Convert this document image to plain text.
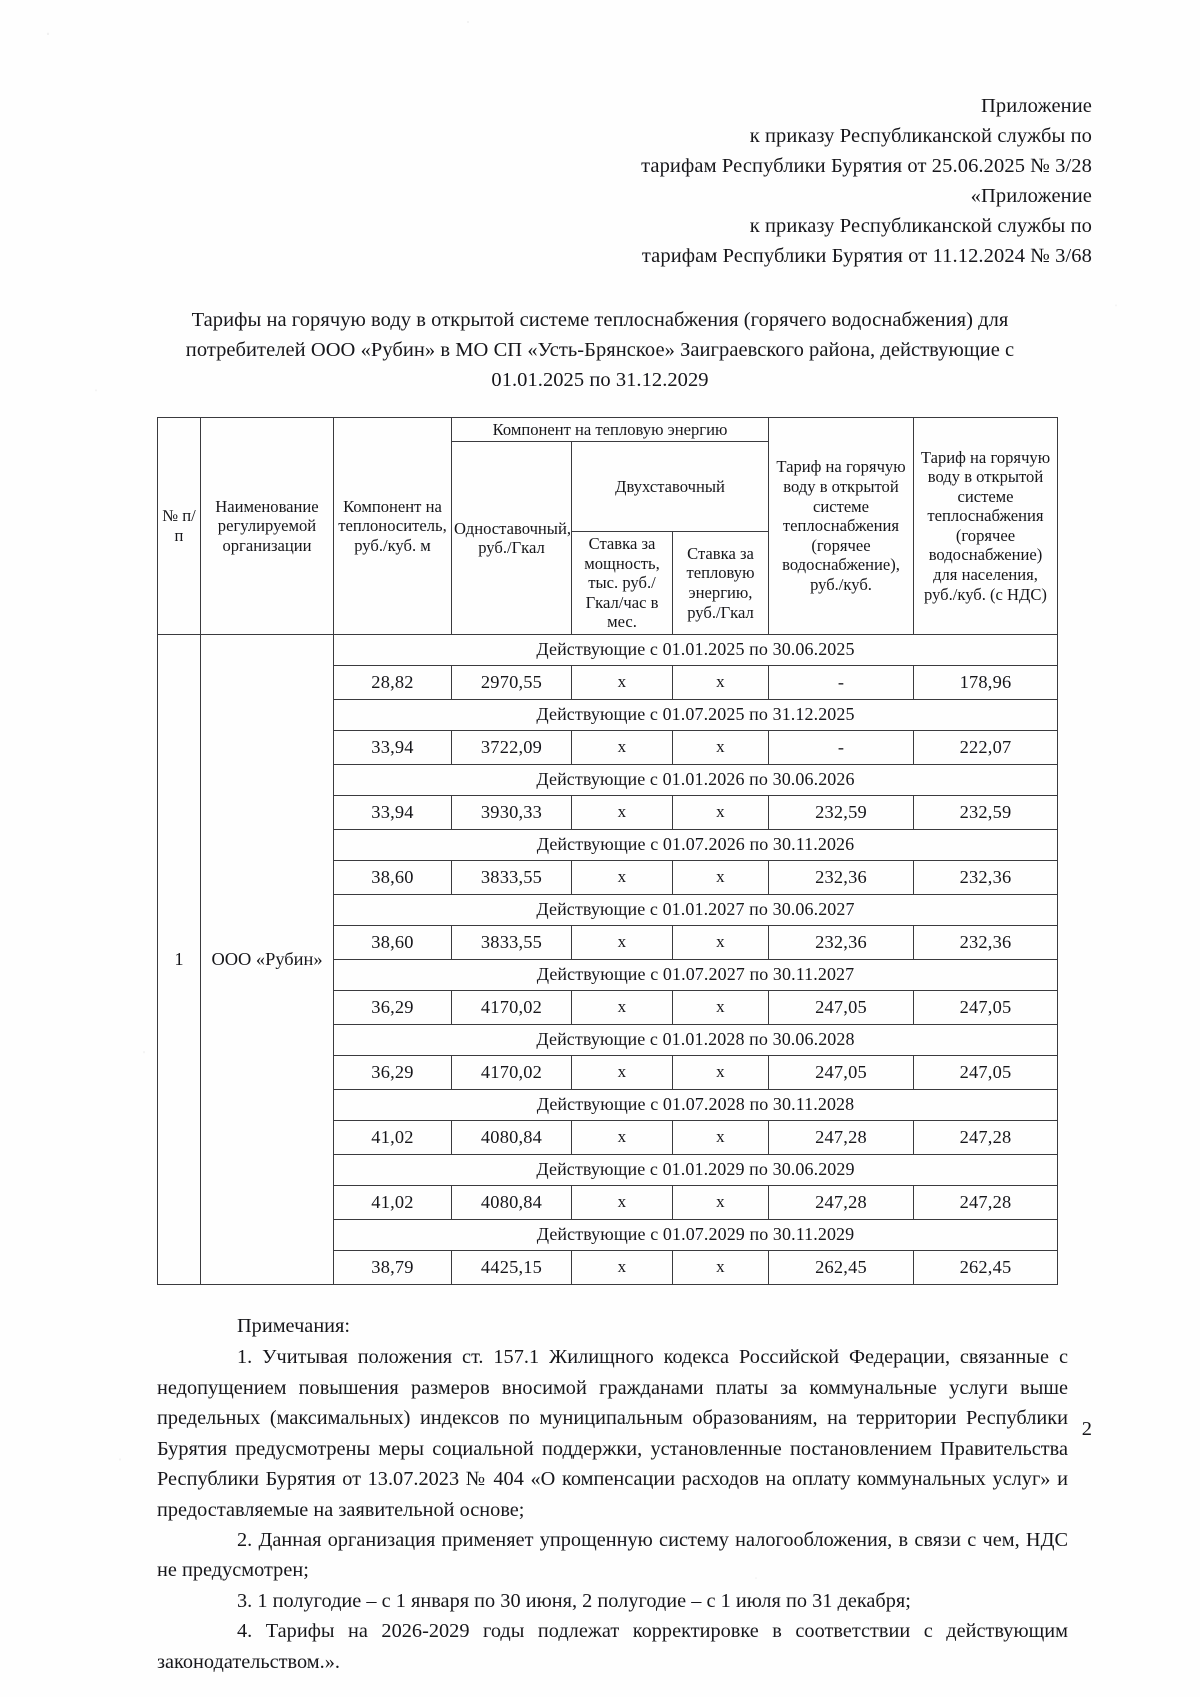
Приложение
к приказу Республиканской службы по
тарифам Республики Бурятия от 25.06.2025 № 3/28
«Приложение
к приказу Республиканской службы по
тарифам Республики Бурятия от 11.12.2024 № 3/68
Тарифы на горячую воду в открытой системе теплоснабжения (горячего водоснабжения) для потребителей ООО «Рубин» в МО СП «Усть-Брянское» Заиграевского района, действующие с 01.01.2025 по 31.12.2029
№ п/п	Наименование регулируемой организации	Компонент на теплоноситель, руб./куб. м	Компонент на тепловую энергию			Тариф на горячую воду в открытой системе теплоснабжения (горячее водоснабжение), руб./куб.	Тариф на горячую воду в открытой системе теплоснабжения (горячее водоснабжение) для населения, руб./куб. (с НДС)
			Одноставочный, руб./Гкал	Двухставочный			
				Ставка за мощность, тыс. руб./Гкал/час в мес.	Ставка за тепловую энергию, руб./Гкал		
1	ООО «Рубин»	Действующие с 01.01.2025 по 30.06.2025					
		28,82	2970,55	х	х	-	178,96
		Действующие с 01.07.2025 по 31.12.2025					
		33,94	3722,09	х	х	-	222,07
		Действующие с 01.01.2026 по 30.06.2026					
		33,94	3930,33	х	х	232,59	232,59
		Действующие с 01.07.2026 по 30.11.2026					
		38,60	3833,55	х	х	232,36	232,36
		Действующие с 01.01.2027 по 30.06.2027					
		38,60	3833,55	х	х	232,36	232,36
		Действующие с 01.07.2027 по 30.11.2027					
		36,29	4170,02	х	х	247,05	247,05
		Действующие с 01.01.2028 по 30.06.2028					
		36,29	4170,02	х	х	247,05	247,05
		Действующие с 01.07.2028 по 30.11.2028					
		41,02	4080,84	х	х	247,28	247,28
		Действующие с 01.01.2029 по 30.06.2029					
		41,02	4080,84	х	х	247,28	247,28
		Действующие с 01.07.2029 по 30.11.2029					
		38,79	4425,15	х	х	262,45	262,45
Примечания:

1. Учитывая положения ст. 157.1 Жилищного кодекса Российской Федерации, связанные с недопущением повышения размеров вносимой гражданами платы за коммунальные услуги выше предельных (максимальных) индексов по муниципальным образованиям, на территории Республики Бурятия предусмотрены меры социальной поддержки, установленные постановлением Правительства Республики Бурятия от 13.07.2023 № 404 «О компенсации расходов на оплату коммунальных услуг» и предоставляемые на заявительной основе;

2. Данная организация применяет упрощенную систему налогообложения, в связи с чем, НДС не предусмотрен;

3. 1 полугодие – с 1 января по 30 июня, 2 полугодие – с 1 июля по 31 декабря;

4. Тарифы на 2026-2029 годы подлежат корректировке в соответствии с действующим законодательством.».

2
